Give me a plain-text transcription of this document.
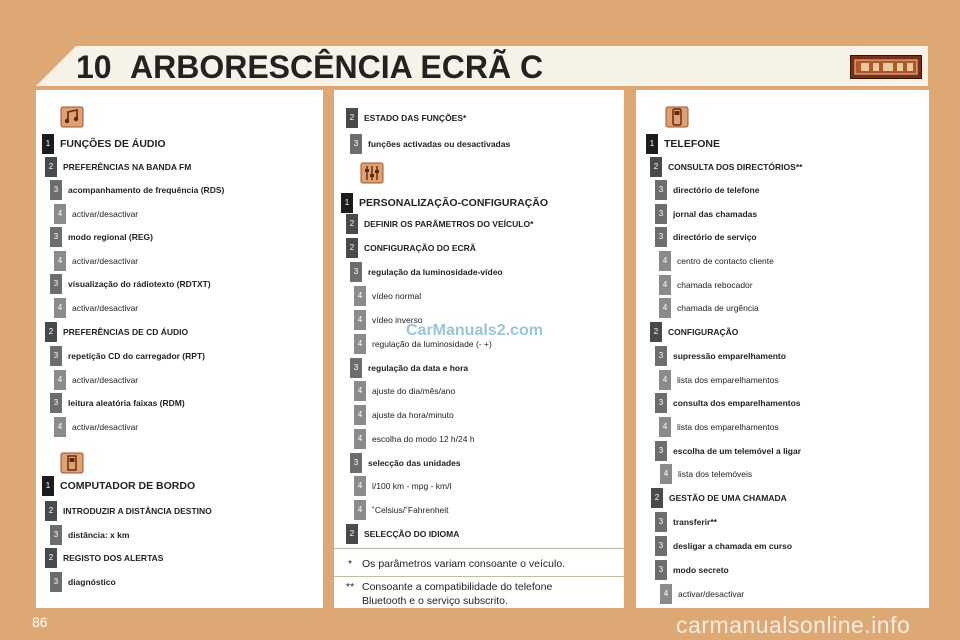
10 ARBORESCÊNCIA ECRÃ C
1 FUNÇÕES DE ÁUDIO
2 PREFERÊNCIAS NA BANDA FM
3 acompanhamento de frequência (RDS)
4 activar/desactivar
3 modo regional (REG)
4 activar/desactivar
3 visualização do rádiotexto (RDTXT)
4 activar/desactivar
2 PREFERÊNCIAS DE CD ÁUDIO
3 repetição CD do carregador (RPT)
4 activar/desactivar
3 leitura aleatória faixas (RDM)
4 activar/desactivar
1 COMPUTADOR DE BORDO
2 INTRODUZIR A DISTÂNCIA DESTINO
3 distância: x km
2 REGISTO DOS ALERTAS
3 diagnóstico
2 ESTADO DAS FUNÇÕES*
3 funções activadas ou desactivadas
1 PERSONALIZAÇÃO-CONFIGURAÇÃO
2 DEFINIR OS PARÂMETROS DO VEÍCULO*
2 CONFIGURAÇÃO DO ECRÃ
3 regulação da luminosidade-vídeo
4 vídeo normal
4 vídeo inverso
4 regulação da luminosidade (- +)
3 regulação da data e hora
4 ajuste do dia/mês/ano
4 ajuste da hora/minuto
4 escolha do modo 12 h/24 h
3 selecção das unidades
4 l/100 km - mpg - km/l
4 ˚Celsius/˚Fahrenheit
2 SELECÇÃO DO IDIOMA
CarManuals2.com
* Os parâmetros variam consoante o veículo.
** Consoante a compatibilidade do telefone
Bluetooth e o serviço subscrito.
1 TELEFONE
2 CONSULTA DOS DIRECTÓRIOS**
3 directório de telefone
3 jornal das chamadas
3 directório de serviço
4 centro de contacto cliente
4 chamada rebocador
4 chamada de urgência
2 CONFIGURAÇÃO
3 supressão emparelhamento
4 lista dos emparelhamentos
3 consulta dos emparelhamentos
4 lista dos emparelhamentos
3 escolha de um telemóvel a ligar
4 lista dos telemóveis
2 GESTÃO DE UMA CHAMADA
3 transferir**
3 desligar a chamada em curso
3 modo secreto
4 activar/desactivar
86	carmanualsonline.info
